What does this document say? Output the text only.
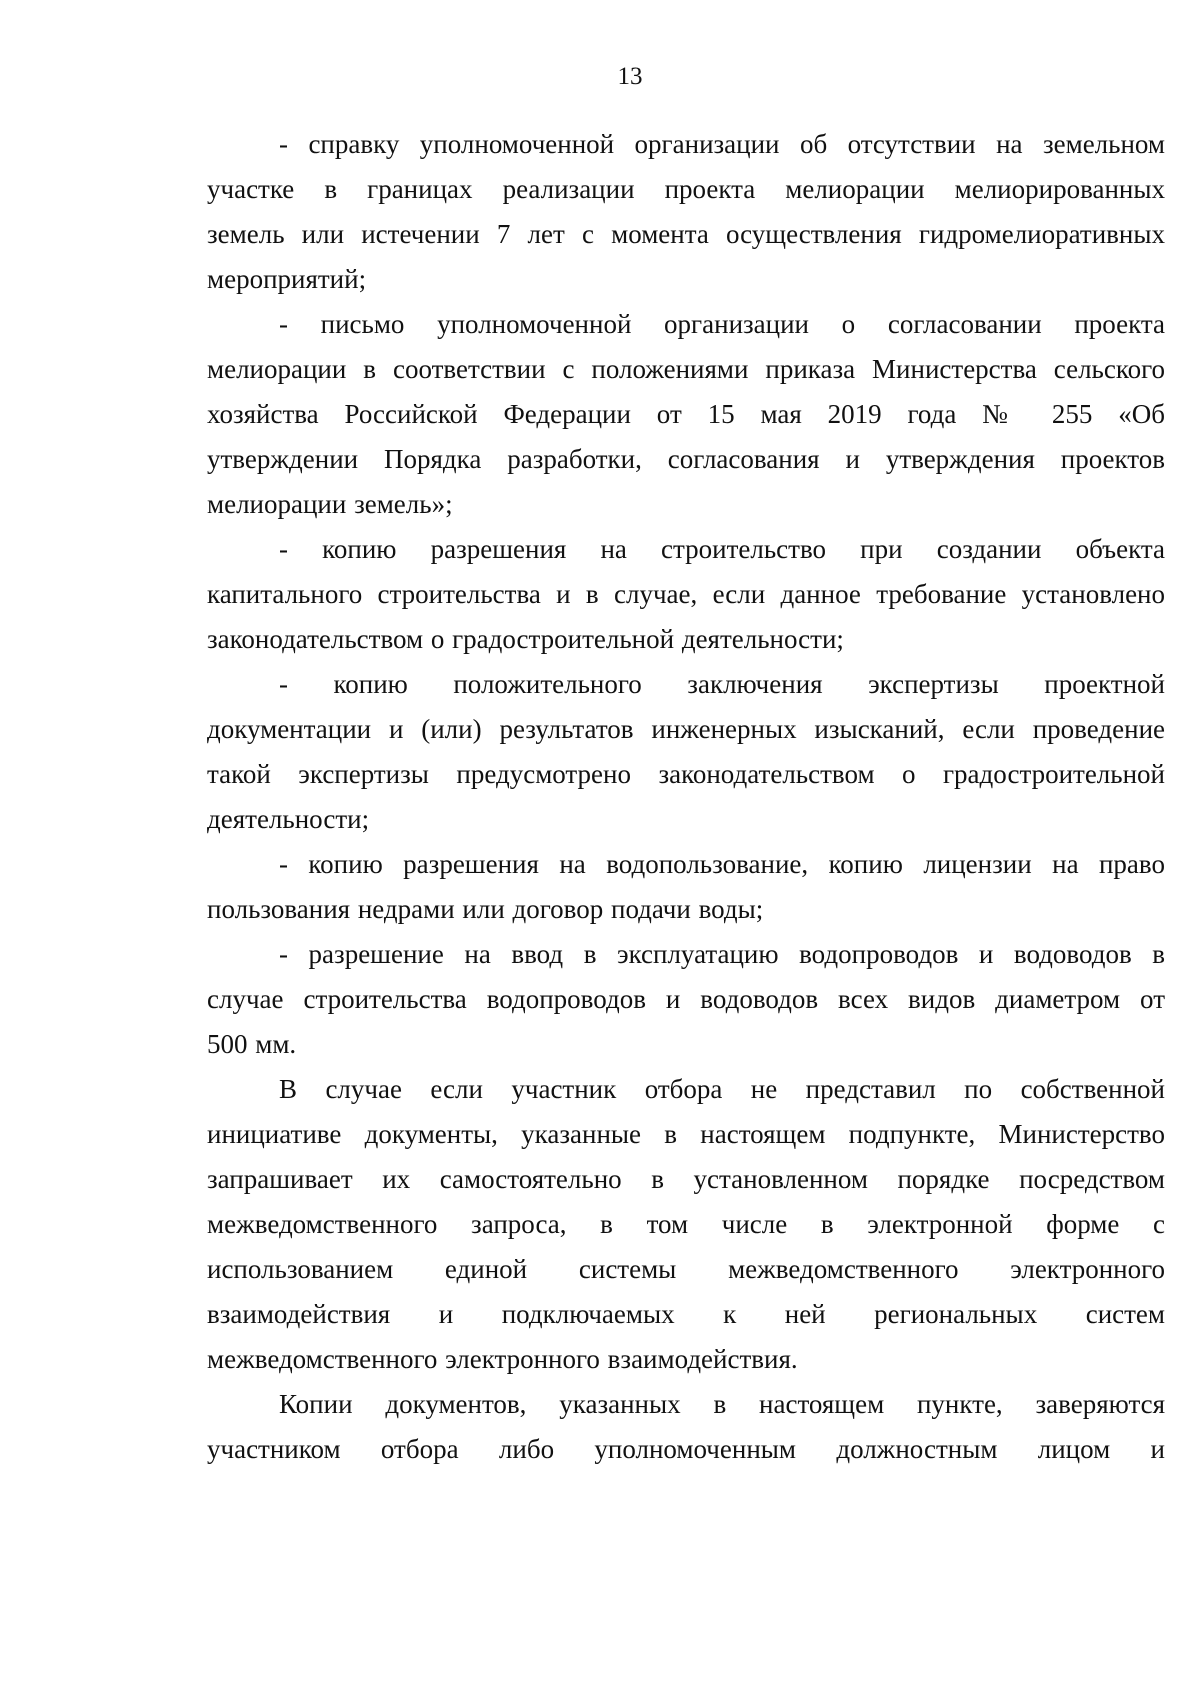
13

- справку уполномоченной организации об отсутствии на земельном
участке в границах реализации проекта мелиорации мелиорированных
земель или истечении 7 лет с момента осуществления гидромелиоративных
мероприятий;

- письмо уполномоченной организации о согласовании проекта
мелиорации в соответствии с положениями приказа Министерства сельского
хозяйства Российской Федерации от 15 мая 2019 года № 255 «Об
утверждении Порядка разработки, согласования и утверждения проектов
мелиорации земель»;

- копию разрешения на строительство при создании объекта
капитального строительства и в случае, если данное требование установлено
законодательством о градостроительной деятельности;

- копию положительного заключения экспертизы проектной
документации и (или) результатов инженерных изысканий, если проведение
такой экспертизы предусмотрено законодательством о градостроительной
деятельности;

- копию разрешения на водопользование, копию лицензии на право
пользования недрами или договор подачи воды;

- разрешение на ввод в эксплуатацию водопроводов и водоводов в
случае строительства водопроводов и водоводов всех видов диаметром от
500 мм.

В случае если участник отбора не представил по собственной
инициативе документы, указанные в настоящем подпункте, Министерство
запрашивает их самостоятельно в установленном порядке посредством
межведомственного запроса, в том числе в электронной форме с
использованием единой системы межведомственного электронного
взаимодействия и подключаемых к ней региональных систем
межведомственного электронного взаимодействия.

Копии документов, указанных в настоящем пункте, заверяются
участником отбора либо уполномоченным должностным лицом и
